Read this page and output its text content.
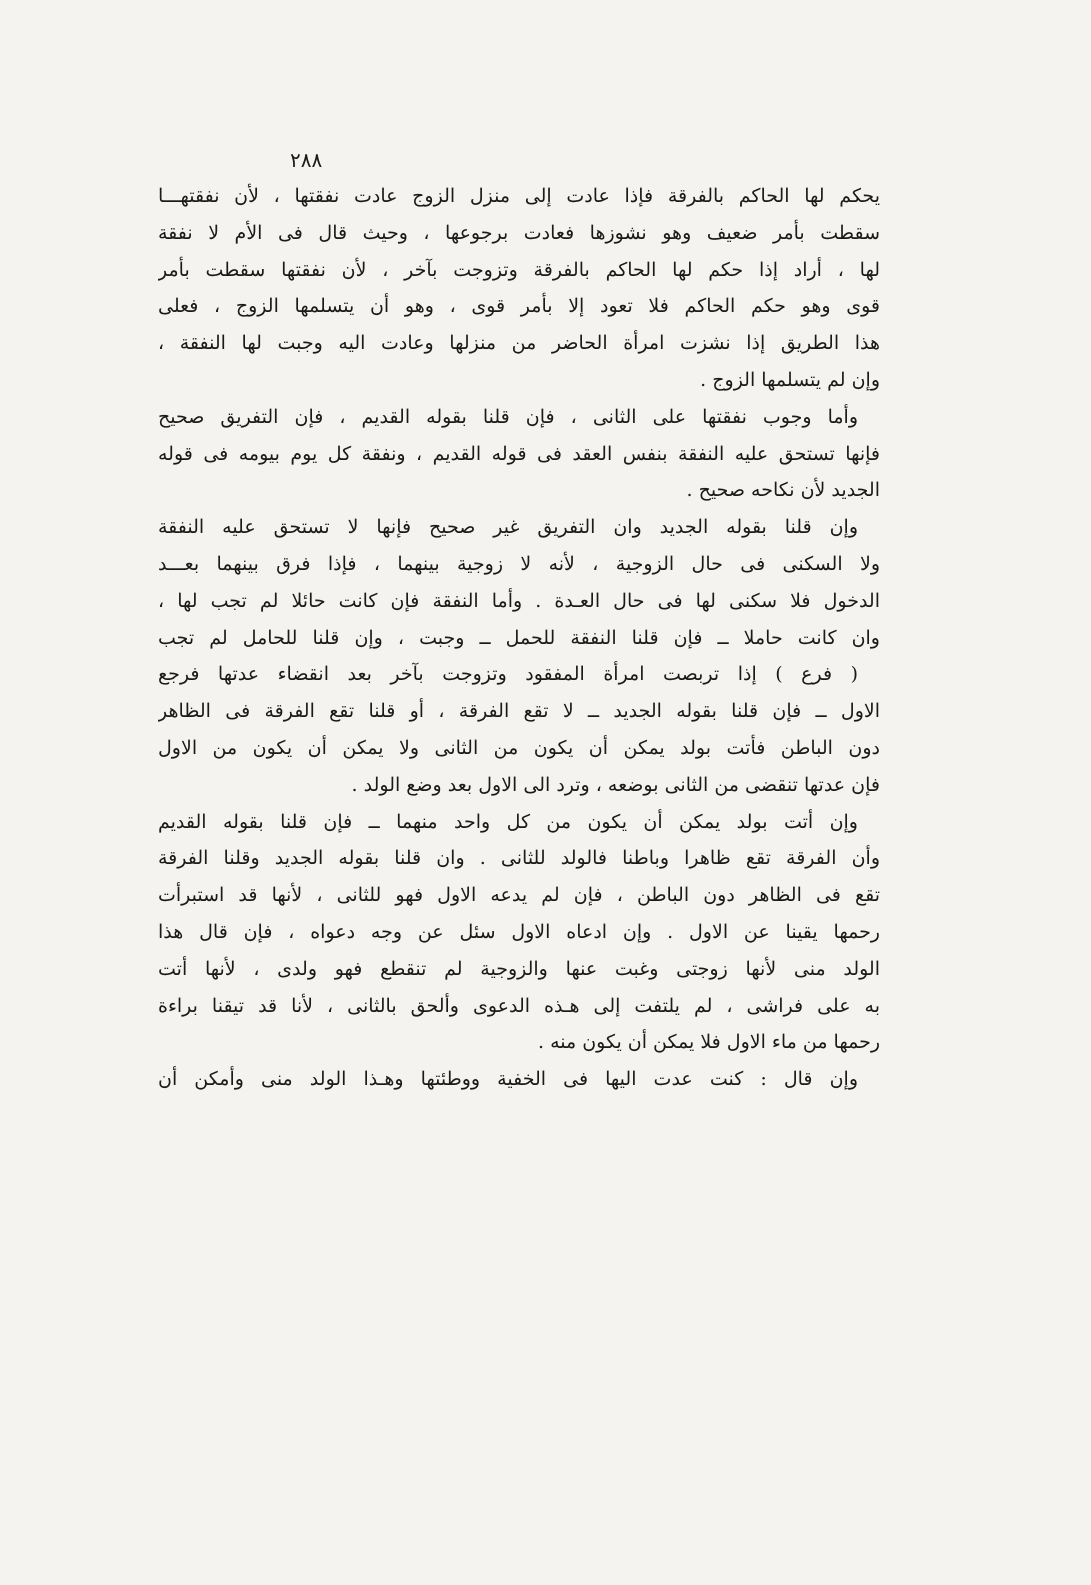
٢٨٨
يحكم لها الحاكم بالفرقة فإذا عادت إلى منزل الزوج عادت نفقتها ، لأن نفقتهـــا
سقطت بأمر ضعيف وهو نشوزها فعادت برجوعها ، وحيث قال فى الأم لا نفقة
لها ، أراد إذا حكم لها الحاكم بالفرقة وتزوجت بآخر ، لأن نفقتها سقطت بأمر
قوى وهو حكم الحاكم فلا تعود إلا بأمر قوى ، وهو أن يتسلمها الزوج ، فعلى
هذا الطريق إذا نشزت امرأة الحاضر من منزلها وعادت اليه وجبت لها النفقة ،
وإن لم يتسلمها الزوج .
وأما وجوب نفقتها على الثانى ، فإن قلنا بقوله القديم ، فإن التفريق صحيح
فإنها تستحق عليه النفقة بنفس العقد فى قوله القديم ، ونفقة كل يوم بيومه فى قوله
الجديد لأن نكاحه صحيح .
وإن قلنا بقوله الجديد وان التفريق غير صحيح فإنها لا تستحق عليه النفقة
ولا السكنى فى حال الزوجية ، لأنه لا زوجية بينهما ، فإذا فرق بينهما بعـــد
الدخول فلا سكنى لها فى حال العـدة . وأما النفقة فإن كانت حائلا لم تجب لها ،
وان كانت حاملا ــ فإن قلنا النفقة للحمل ــ وجبت ، وإن قلنا للحامل لم تجب
( فرع ) إذا تربصت امرأة المفقود وتزوجت بآخر بعد انقضاء عدتها فرجع
الاول ــ فإن قلنا بقوله الجديد ــ لا تقع الفرقة ، أو قلنا تقع الفرقة فى الظاهر
دون الباطن فأتت بولد يمكن أن يكون من الثانى ولا يمكن أن يكون من الاول
فإن عدتها تنقضى من الثانى بوضعه ، وترد الى الاول بعد وضع الولد .
وإن أتت بولد يمكن أن يكون من كل واحد منهما ــ فإن قلنا بقوله القديم
وأن الفرقة تقع ظاهرا وباطنا فالولد للثانى . وان قلنا بقوله الجديد وقلنا الفرقة
تقع فى الظاهر دون الباطن ، فإن لم يدعه الاول فهو للثانى ، لأنها قد استبرأت
رحمها يقينا عن الاول . وإن ادعاه الاول سئل عن وجه دعواه ، فإن قال هذا
الولد منى لأنها زوجتى وغبت عنها والزوجية لم تنقطع فهو ولدى ، لأنها أتت
به على فراشى ، لم يلتفت إلى هـذه الدعوى وألحق بالثانى ، لأنا قد تيقنا براءة
رحمها من ماء الاول فلا يمكن أن يكون منه .
وإن قال : كنت عدت اليها فى الخفية ووطئتها وهـذا الولد منى وأمكن أن
